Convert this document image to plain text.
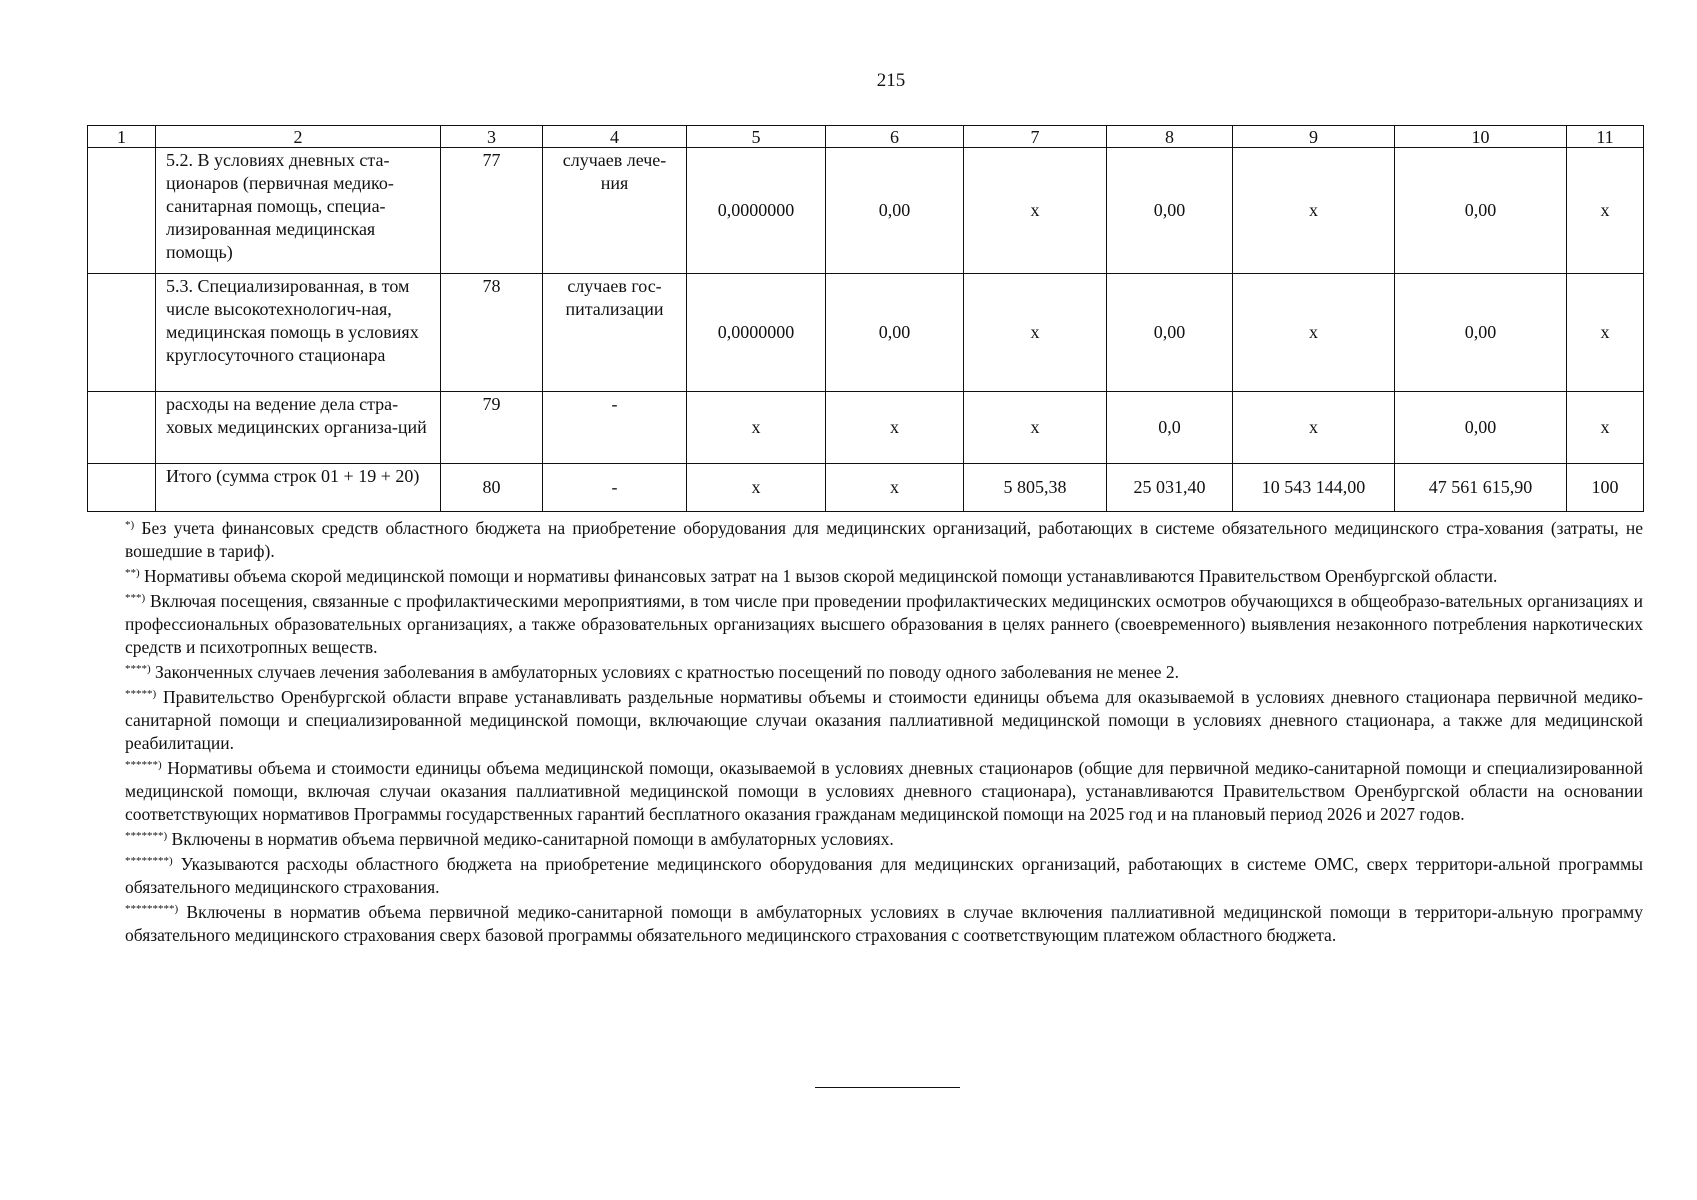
215
1	2	3	4	5	6	7	8	9	10	11
	5.2. В условиях дневных ста-ционаров (первичная медико-санитарная помощь, специа-лизированная медицинская помощь)	77	случаев лече-ния	0,0000000	0,00	х	0,00	х	0,00	х
	5.3. Специализированная, в том числе высокотехнологич-ная, медицинская помощь в условиях круглосуточного стационара	78	случаев гос-питализации	0,0000000	0,00	х	0,00	х	0,00	х
	расходы на ведение дела стра-ховых медицинских организа-ций	79	-	х	х	х	0,0	х	0,00	х
	Итого (сумма строк 01 + 19 + 20)	80	-	х	х	5 805,38	25 031,40	10 543 144,00	47 561 615,90	100

*) Без учета финансовых средств областного бюджета на приобретение оборудования для медицинских организаций, работающих в системе обязательного медицинского стра-хования (затраты, не вошедшие в тариф).

**) Нормативы объема скорой медицинской помощи и нормативы финансовых затрат на 1 вызов скорой медицинской помощи устанавливаются Правительством Оренбургской области.

***) Включая посещения, связанные с профилактическими мероприятиями, в том числе при проведении профилактических медицинских осмотров обучающихся в общеобразо-вательных организациях и профессиональных образовательных организациях, а также образовательных организациях высшего образования в целях раннего (своевременного) выявления незаконного потребления наркотических средств и психотропных веществ.

****) Законченных случаев лечения заболевания в амбулаторных условиях с кратностью посещений по поводу одного заболевания не менее 2.

*****) Правительство Оренбургской области вправе устанавливать раздельные нормативы объемы и стоимости единицы объема для оказываемой в условиях дневного стационара первичной медико-санитарной помощи и специализированной медицинской помощи, включающие случаи оказания паллиативной медицинской помощи в условиях дневного стационара, а также для медицинской реабилитации.

******) Нормативы объема и стоимости единицы объема медицинской помощи, оказываемой в условиях дневных стационаров (общие для первичной медико-санитарной помощи и специализированной медицинской помощи, включая случаи оказания паллиативной медицинской помощи в условиях дневного стационара), устанавливаются Правительством Оренбургской области на основании соответствующих нормативов Программы государственных гарантий бесплатного оказания гражданам медицинской помощи на 2025 год и на плановый период 2026 и 2027 годов.

*******) Включены в норматив объема первичной медико-санитарной помощи в амбулаторных условиях.

********) Указываются расходы областного бюджета на приобретение медицинского оборудования для медицинских организаций, работающих в системе ОМС, сверх территори-альной программы обязательного медицинского страхования.

*********) Включены в норматив объема первичной медико-санитарной помощи в амбулаторных условиях в случае включения паллиативной медицинской помощи в территори-альную программу обязательного медицинского страхования сверх базовой программы обязательного медицинского страхования с соответствующим платежом областного бюджета.
